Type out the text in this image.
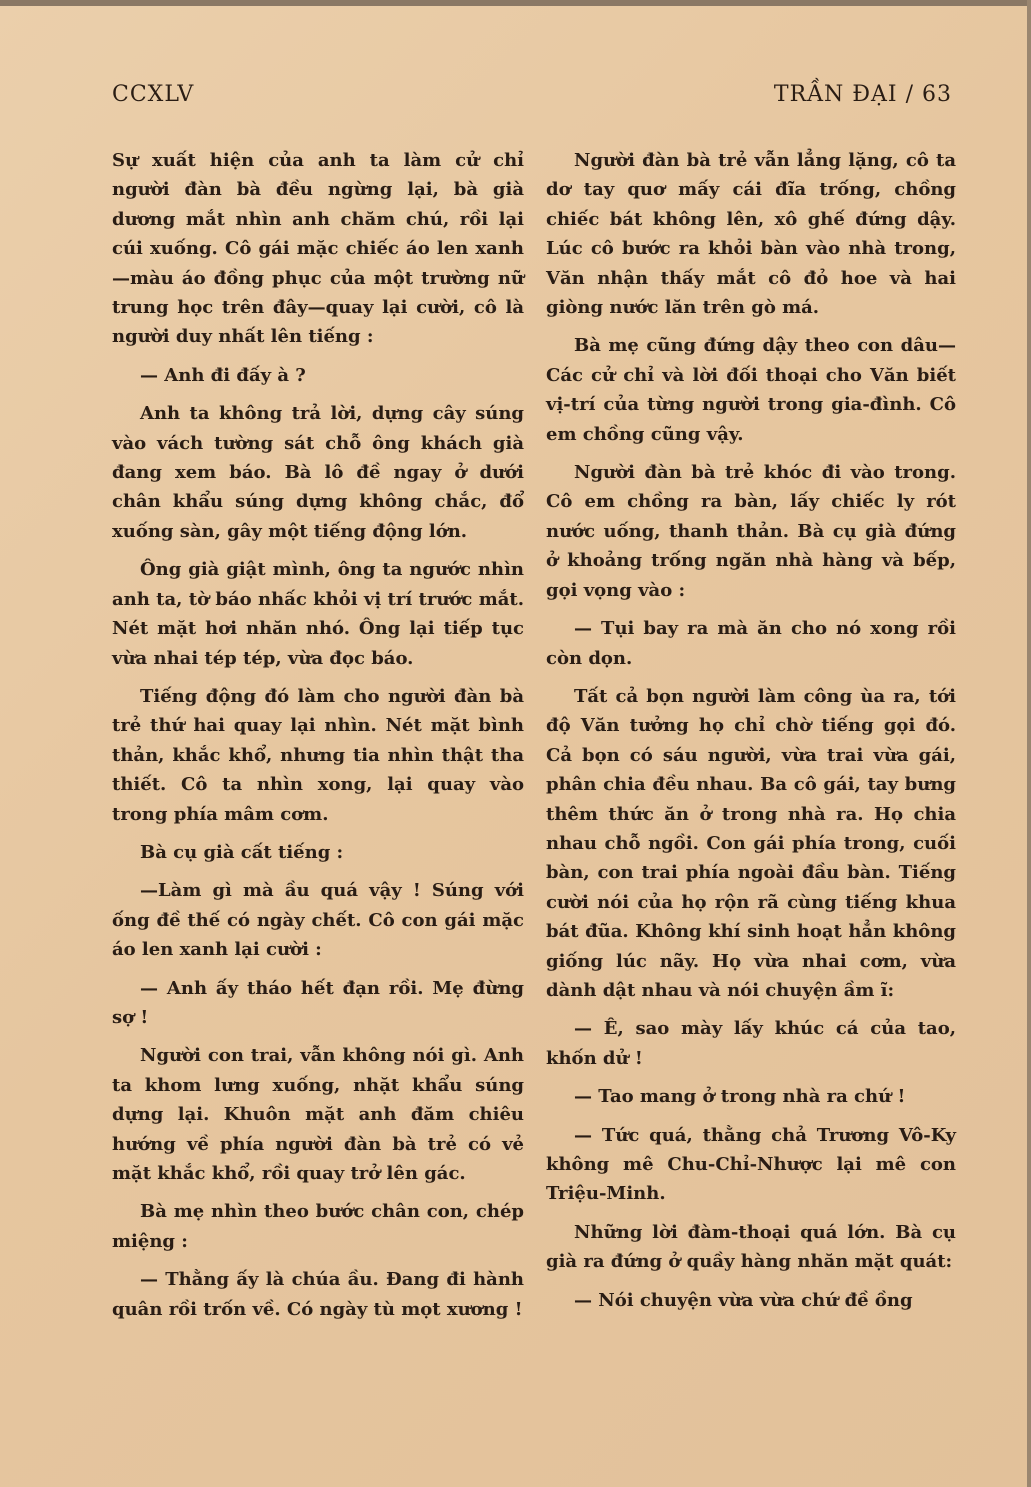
CCXLV	TRẦN ĐẠI / 63

Sự xuất hiện của anh ta làm cử chỉ người đàn bà đều ngừng lại, bà già dương mắt nhìn anh chăm chú, rồi lại cúi xuống. Cô gái mặc chiếc áo len xanh—màu áo đồng phục của một trường nữ trung học trên đây—quay lại cười, cô là người duy nhất lên tiếng :

— Anh đi đấy à ?

Anh ta không trả lời, dựng cây súng vào vách tường sát chỗ ông khách già đang xem báo. Bà lô đề ngay ở dưới chân khẩu súng dựng không chắc, đổ xuống sàn, gây một tiếng động lớn.

Ông già giật mình, ông ta ngước nhìn anh ta, tờ báo nhấc khỏi vị trí trước mắt. Nét mặt hơi nhăn nhó. Ông lại tiếp tục vừa nhai tép tép, vừa đọc báo.

Tiếng động đó làm cho người đàn bà trẻ thứ hai quay lại nhìn. Nét mặt bình thản, khắc khổ, nhưng tia nhìn thật tha thiết. Cô ta nhìn xong, lại quay vào trong phía mâm cơm.

Bà cụ già cất tiếng :

—Làm gì mà ầu quá vậy ! Súng với ống đề thế có ngày chết. Cô con gái mặc áo len xanh lại cười :

— Anh ấy tháo hết đạn rồi. Mẹ đừng sợ !

Người con trai, vẫn không nói gì. Anh ta khom lưng xuống, nhặt khẩu súng dựng lại. Khuôn mặt anh đăm chiêu hướng về phía người đàn bà trẻ có vẻ mặt khắc khổ, rồi quay trở lên gác.

Bà mẹ nhìn theo bước chân con, chép miệng :

— Thằng ấy là chúa ầu. Đang đi hành quân rồi trốn về. Có ngày tù mọt xương !

Người đàn bà trẻ vẫn lẳng lặng, cô ta dơ tay quơ mấy cái đĩa trống, chồng chiếc bát không lên, xô ghế đứng dậy. Lúc cô bước ra khỏi bàn vào nhà trong, Văn nhận thấy mắt cô đỏ hoe và hai giòng nước lăn trên gò má.

Bà mẹ cũng đứng dậy theo con dâu— Các cử chỉ và lời đối thoại cho Văn biết vị-trí của từng người trong gia-đình. Cô em chồng cũng vậy.

Người đàn bà trẻ khóc đi vào trong. Cô em chồng ra bàn, lấy chiếc ly rót nước uống, thanh thản. Bà cụ già đứng ở khoảng trống ngăn nhà hàng và bếp, gọi vọng vào :

— Tụi bay ra mà ăn cho nó xong rồi còn dọn.

Tất cả bọn người làm công ùa ra, tới độ Văn tưởng họ chỉ chờ tiếng gọi đó. Cả bọn có sáu người, vừa trai vừa gái, phân chia đều nhau. Ba cô gái, tay bưng thêm thức ăn ở trong nhà ra. Họ chia nhau chỗ ngồi. Con gái phía trong, cuối bàn, con trai phía ngoài đầu bàn. Tiếng cười nói của họ rộn rã cùng tiếng khua bát đũa. Không khí sinh hoạt hẳn không giống lúc nãy. Họ vừa nhai cơm, vừa dành dật nhau và nói chuyện ầm ĩ:

— Ê, sao mày lấy khúc cá của tao, khốn dử !

— Tao mang ở trong nhà ra chứ !

— Tức quá, thằng chả Trương Vô-Ky không mê Chu-Chỉ-Nhược lại mê con Triệu-Minh.

Những lời đàm-thoại quá lớn. Bà cụ già ra đứng ở quầy hàng nhăn mặt quát:

— Nói chuyện vừa vừa chứ đề ồng
